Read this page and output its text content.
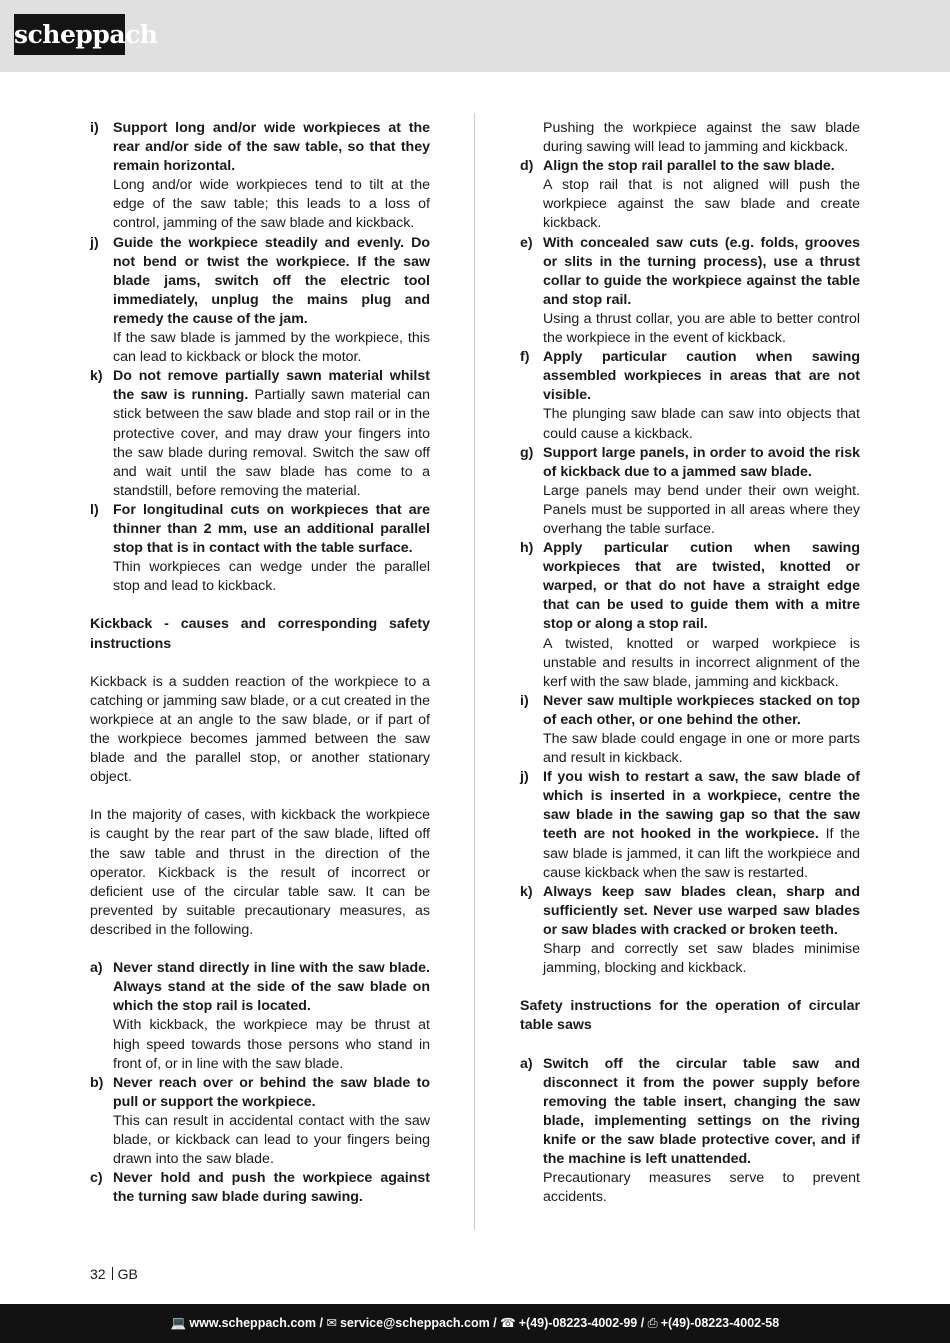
scheppach
i)	Support long and/or wide workpieces at the rear and/or side of the saw table, so that they remain horizontal.
Long and/or wide workpieces tend to tilt at the edge of the saw table; this leads to a loss of control, jamming of the saw blade and kickback.
j)	Guide the workpiece steadily and evenly. Do not bend or twist the workpiece. If the saw blade jams, switch off the electric tool immediately, unplug the mains plug and remedy the cause of the jam.
If the saw blade is jammed by the workpiece, this can lead to kickback or block the motor.
k) Do not remove partially sawn material whilst the saw is running. Partially sawn material can stick between the saw blade and stop rail or in the protective cover, and may draw your fingers into the saw blade during removal. Switch the saw off and wait until the saw blade has come to a standstill, before removing the material.
l)	For longitudinal cuts on workpieces that are thinner than 2 mm, use an additional parallel stop that is in contact with the table surface.
Thin workpieces can wedge under the parallel stop and lead to kickback.
Kickback - causes and corresponding safety instructions
Kickback is a sudden reaction of the workpiece to a catching or jamming saw blade, or a cut created in the workpiece at an angle to the saw blade, or if part of the workpiece becomes jammed between the saw blade and the parallel stop, or another stationary object.
In the majority of cases, with kickback the workpiece is caught by the rear part of the saw blade, lifted off the saw table and thrust in the direction of the operator. Kickback is the result of incorrect or deficient use of the circular table saw. It can be prevented by suitable precautionary measures, as described in the following.
a) Never stand directly in line with the saw blade. Always stand at the side of the saw blade on which the stop rail is located.
With kickback, the workpiece may be thrust at high speed towards those persons who stand in front of, or in line with the saw blade.
b) Never reach over or behind the saw blade to pull or support the workpiece.
This can result in accidental contact with the saw blade, or kickback can lead to your fingers being drawn into the saw blade.
c) Never hold and push the workpiece against the turning saw blade during sawing.
Pushing the workpiece against the saw blade during sawing will lead to jamming and kickback.
d) Align the stop rail parallel to the saw blade.
A stop rail that is not aligned will push the workpiece against the saw blade and create kickback.
e) With concealed saw cuts (e.g. folds, grooves or slits in the turning process), use a thrust collar to guide the workpiece against the table and stop rail.
Using a thrust collar, you are able to better control the workpiece in the event of kickback.
f) Apply particular caution when sawing assembled workpieces in areas that are not visible.
The plunging saw blade can saw into objects that could cause a kickback.
g) Support large panels, in order to avoid the risk of kickback due to a jammed saw blade.
Large panels may bend under their own weight. Panels must be supported in all areas where they overhang the table surface.
h) Apply particular cution when sawing workpieces that are twisted, knotted or warped, or that do not have a straight edge that can be used to guide them with a mitre stop or along a stop rail.
A twisted, knotted or warped workpiece is unstable and results in incorrect alignment of the kerf with the saw blade, jamming and kickback.
i)	Never saw multiple workpieces stacked on top of each other, or one behind the other.
The saw blade could engage in one or more parts and result in kickback.
j)	If you wish to restart a saw, the saw blade of which is inserted in a workpiece, centre the saw blade in the sawing gap so that the saw teeth are not hooked in the workpiece. If the saw blade is jammed, it can lift the workpiece and cause kickback when the saw is restarted.
k) Always keep saw blades clean, sharp and sufficiently set. Never use warped saw blades or saw blades with cracked or broken teeth.
Sharp and correctly set saw blades minimise jamming, blocking and kickback.
Safety instructions for the operation of circular table saws
a) Switch off the circular table saw and disconnect it from the power supply before removing the table insert, changing the saw blade, implementing settings on the riving knife or the saw blade protective cover, and if the machine is left unattended.
Precautionary measures serve to prevent accidents.
32 GB
💻 www.scheppach.com / ✉ service@scheppach.com / ☎ +(49)-08223-4002-99 / ⎙ +(49)-08223-4002-58
